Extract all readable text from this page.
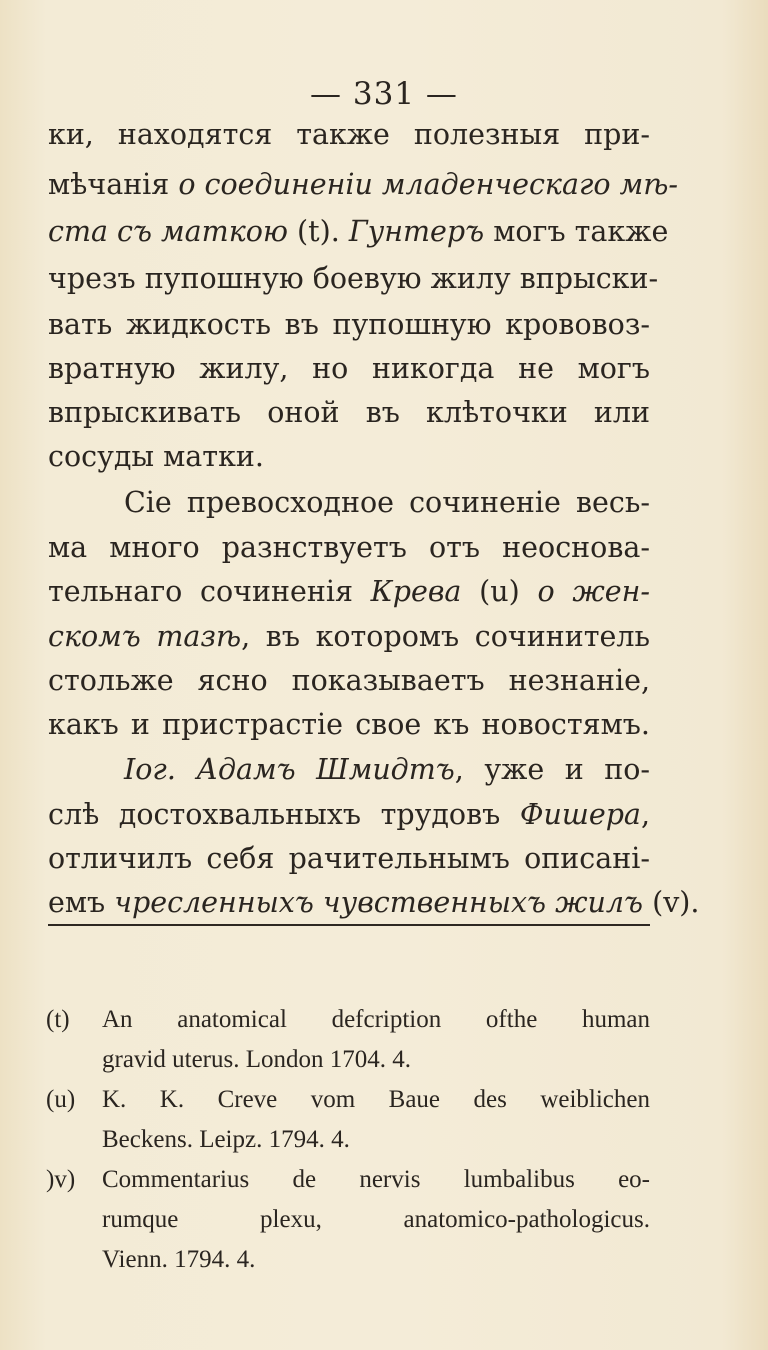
— 331 —
ки, находятся также полезныя при-
мѣчанія о соединеніи младенческаго мѣ-
ста съ маткою (t). Гунтеръ могъ также
чрезъ пупошную боевую жилу впрыски-
вать жидкость въ пупошную крововоз-
вратную жилу, но никогда не могъ
впрыскивать оной въ клѣточки или
сосуды матки.
Сіе превосходное сочиненіе весь-
ма много разнствуетъ отъ неоснова-
тельнаго сочиненія Крева (u) о жен-
скомъ тазѣ, въ которомъ сочинитель
стольже ясно показываетъ незнаніе,
какъ и пристрастіе свое къ новостямъ.
Іог. Адамъ Шмидтъ, уже и по-
слѣ достохвальныхъ трудовъ Фишера,
отличилъ себя рачительнымъ описані-
емъ чресленныхъ чувственныхъ жилъ (v).
(t)	An anatomical defcription ofthe human
gravid uterus. London 1704. 4.
(u)	K. K. Creve vom Baue des weiblichen
Beckens. Leipz. 1794. 4.
)v)	Commentarius de nervis lumbalibus eo-
rumque plexu, anatomico-pathologicus.
Vienn. 1794. 4.
